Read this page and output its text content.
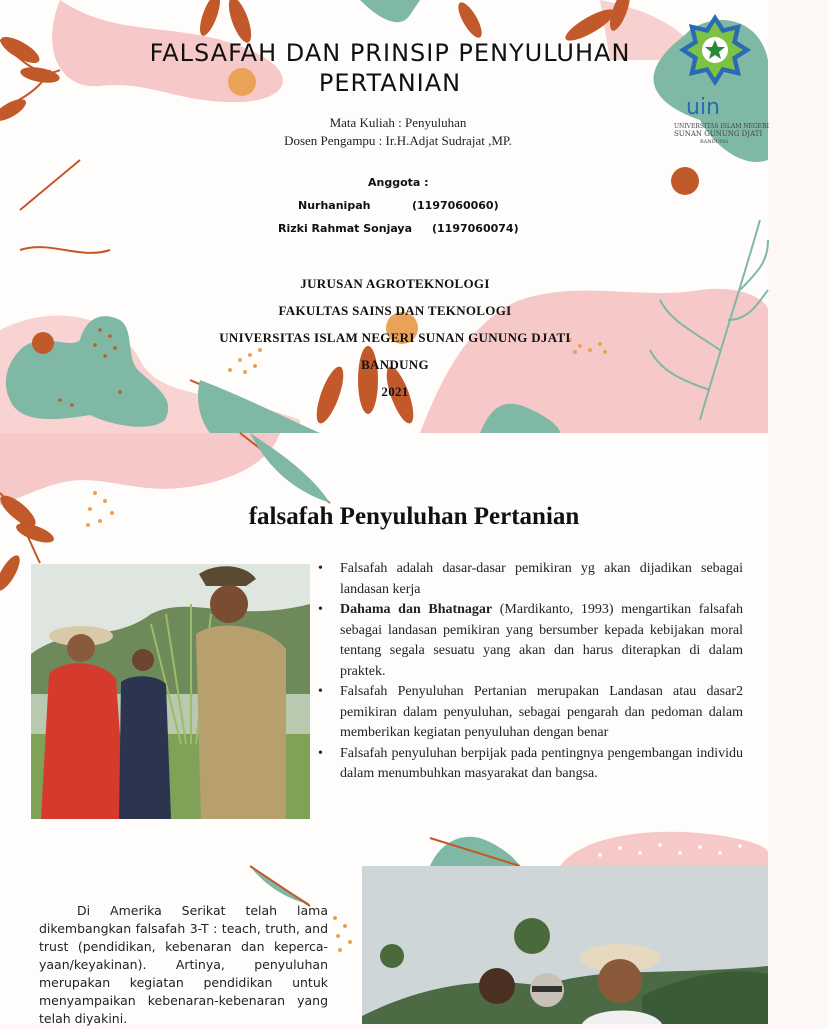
FALSAFAH DAN PRINSIP PENYULUHAN
PERTANIAN

Mata Kuliah : Penyuluhan

Dosen Pengampu : Ir.H.Adjat Sudrajat ,MP.

Anggota :
Nurhanipah	(1197060060)
Rizki Rahmat Sonjaya (1197060074)

JURUSAN AGROTEKNOLOGI

FAKULTAS SAINS DAN TEKNOLOGI

UNIVERSITAS ISLAM NEGERI SUNAN GUNUNG DJATI

BANDUNG

2021

uin
UNIVERSITAS ISLAM NEGERI
SUNAN GUNUNG DJATI
BANDUNG
falsafah Penyuluhan Pertanian
• Falsafah adalah dasar-dasar pemikiran yg akan dijadikan sebagai landasan kerja
• Dahama dan Bhatnagar (Mardikanto, 1993) mengartikan falsafah sebagai landasan pemikiran yang bersumber kepada kebijakan moral tentang segala sesuatu yang akan dan harus diterapkan di dalam praktek.
• Falsafah Penyuluhan Pertanian merupakan Landasan atau dasar2 pemikiran dalam penyuluhan, sebagai pengarah dan pedoman dalam memberikan kegiatan penyuluhan dengan benar
• Falsafah penyuluhan berpijak pada pentingnya pengembangan individu dalam menumbuhkan masyarakat dan bangsa.

Di Amerika Serikat telah lama dikembangkan falsafah 3-T : teach, truth, and trust (pendidikan, kebenaran dan keperca-yaan/keyakinan). Artinya, penyuluhan merupakan kegiatan pendidikan untuk menyampaikan kebenaran-kebenaran yang telah diyakini.
